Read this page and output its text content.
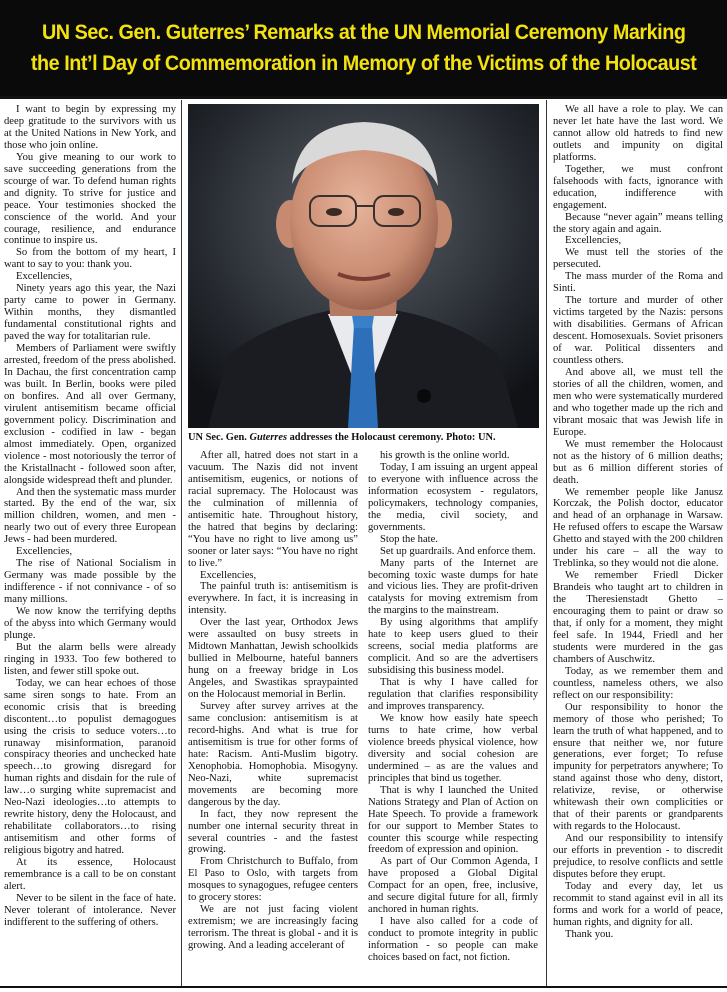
UN Sec. Gen. Guterres’ Remarks at the UN Memorial Ceremony Marking
the Int’l Day of Commemoration in Memory of the Victims of the Holocaust

I want to begin by expressing my deep gratitude to the survivors with us at the United Nations in New York, and those who join online.

You give meaning to our work to save succeeding generations from the scourge of war. To defend human rights and dignity. To strive for justice and peace. Your testimonies shocked the conscience of the world. And your courage, resilience, and endurance continue to inspire us.

So from the bottom of my heart, I want to say to you: thank you.

Excellencies,

Ninety years ago this year, the Nazi party came to power in Germany. Within months, they dismantled fundamental constitutional rights and paved the way for totalitarian rule.

Members of Parliament were swiftly arrested, freedom of the press abolished. In Dachau, the first concentration camp was built. In Berlin, books were piled on bonfires. And all over Germany, virulent antisemitism became official government policy. Discrimination and exclusion - codified in law - began almost immediately. Open, organized violence - most notoriously the terror of the Kristallnacht - followed soon after, alongside widespread theft and plunder.

And then the systematic mass murder started. By the end of the war, six million children, women, and men - nearly two out of every three European Jews - had been murdered.

Excellencies,

The rise of National Socialism in Germany was made possible by the indifference - if not connivance - of so many millions.

We now know the terrifying depths of the abyss into which Germany would plunge.

But the alarm bells were already ringing in 1933. Too few bothered to listen, and fewer still spoke out.

Today, we can hear echoes of those same siren songs to hate. From an economic crisis that is breeding discontent…to populist demagogues using the crisis to seduce voters…to runaway misinformation, paranoid conspiracy theories and unchecked hate speech…to growing disregard for human rights and disdain for the rule of law…o surging white supremacist and Neo-Nazi ideologies…to attempts to rewrite history, deny the Holocaust, and rehabilitate collaborators…to rising antisemitism and other forms of religious bigotry and hatred.

At its essence, Holocaust remembrance is a call to be on constant alert.

Never to be silent in the face of hate. Never tolerant of intolerance. Never indifferent to the suffering of others.

UN Sec. Gen. Guterres addresses the Holocaust ceremony. Photo: UN.

After all, hatred does not start in a vacuum. The Nazis did not invent antisemitism, eugenics, or notions of racial supremacy. The Holocaust was the culmination of millennia of antisemitic hate. Throughout history, the hatred that begins by declaring: “You have no right to live among us” sooner or later says: “You have no right to live.”

Excellencies,

The painful truth is: antisemitism is everywhere. In fact, it is increasing in intensity.

Over the last year, Orthodox Jews were assaulted on busy streets in Midtown Manhattan, Jewish schoolkids bullied in Melbourne, hateful banners hung on a freeway bridge in Los Angeles, and Swastikas spraypainted on the Holocaust memorial in Berlin.

Survey after survey arrives at the same conclusion: antisemitism is at record-highs. And what is true for antisemitism is true for other forms of hate: Racism. Anti-Muslim bigotry. Xenophobia. Homophobia. Misogyny. Neo-Nazi, white supremacist movements are becoming more dangerous by the day.

In fact, they now represent the number one internal security threat in several countries - and the fastest growing.

From Christchurch to Buffalo, from El Paso to Oslo, with targets from mosques to synagogues, refugee centers to grocery stores:

We are not just facing violent extremism; we are increasingly facing terrorism. The threat is global - and it is growing. And a leading accelerant of

his growth is the online world.

Today, I am issuing an urgent appeal to everyone with influence across the information ecosystem - regulators, policymakers, technology companies, the media, civil society, and governments.

Stop the hate.

Set up guardrails. And enforce them.

Many parts of the Internet are becoming toxic waste dumps for hate and vicious lies. They are profit-driven catalysts for moving extremism from the margins to the mainstream.

By using algorithms that amplify hate to keep users glued to their screens, social media platforms are complicit. And so are the advertisers subsidising this business model.

That is why I have called for regulation that clarifies responsibility and improves transparency.

We know how easily hate speech turns to hate crime, how verbal violence breeds physical violence, how diversity and social cohesion are undermined – as are the values and principles that bind us together.

That is why I launched the United Nations Strategy and Plan of Action on Hate Speech. To provide a framework for our support to Member States to counter this scourge while respecting freedom of expression and opinion.

As part of Our Common Agenda, I have proposed a Global Digital Compact for an open, free, inclusive, and secure digital future for all, firmly anchored in human rights.

I have also called for a code of conduct to promote integrity in public information - so people can make choices based on fact, not fiction.

We all have a role to play. We can never let hate have the last word. We cannot allow old hatreds to find new outlets and impunity on digital platforms.

Together, we must confront falsehoods with facts, ignorance with education, indifference with engagement.

Because “never again” means telling the story again and again.

Excellencies,

We must tell the stories of the persecuted.

The mass murder of the Roma and Sinti.

The torture and murder of other victims targeted by the Nazis: persons with disabilities. Germans of African descent. Homosexuals. Soviet prisoners of war. Political dissenters and countless others.

And above all, we must tell the stories of all the children, women, and men who were systematically murdered and who together made up the rich and vibrant mosaic that was Jewish life in Europe.

We must remember the Holocaust not as the history of 6 million deaths; but as 6 million different stories of death.

We remember people like Janusz Korczak, the Polish doctor, educator and head of an orphanage in Warsaw. He refused offers to escape the Warsaw Ghetto and stayed with the 200 children under his care – all the way to Treblinka, so they would not die alone.

We remember Friedl Dicker Brandeis who taught art to children in the Theresienstadt Ghetto – encouraging them to paint or draw so that, if only for a moment, they might feel safe. In 1944, Friedl and her students were murdered in the gas chambers of Auschwitz.

Today, as we remember them and countless, nameless others, we also reflect on our responsibility:

Our responsibility to honor the memory of those who perished; To learn the truth of what happened, and to ensure that neither we, nor future generations, ever forget; To refuse impunity for perpetrators anywhere; To stand against those who deny, distort, relativize, revise, or otherwise whitewash their own complicities or that of their parents or grandparents with regards to the Holocaust.

And our responsibility to intensify our efforts in prevention - to discredit prejudice, to resolve conflicts and settle disputes before they erupt.

Today and every day, let us recommit to stand against evil in all its forms and work for a world of peace, human rights, and dignity for all.

Thank you.
